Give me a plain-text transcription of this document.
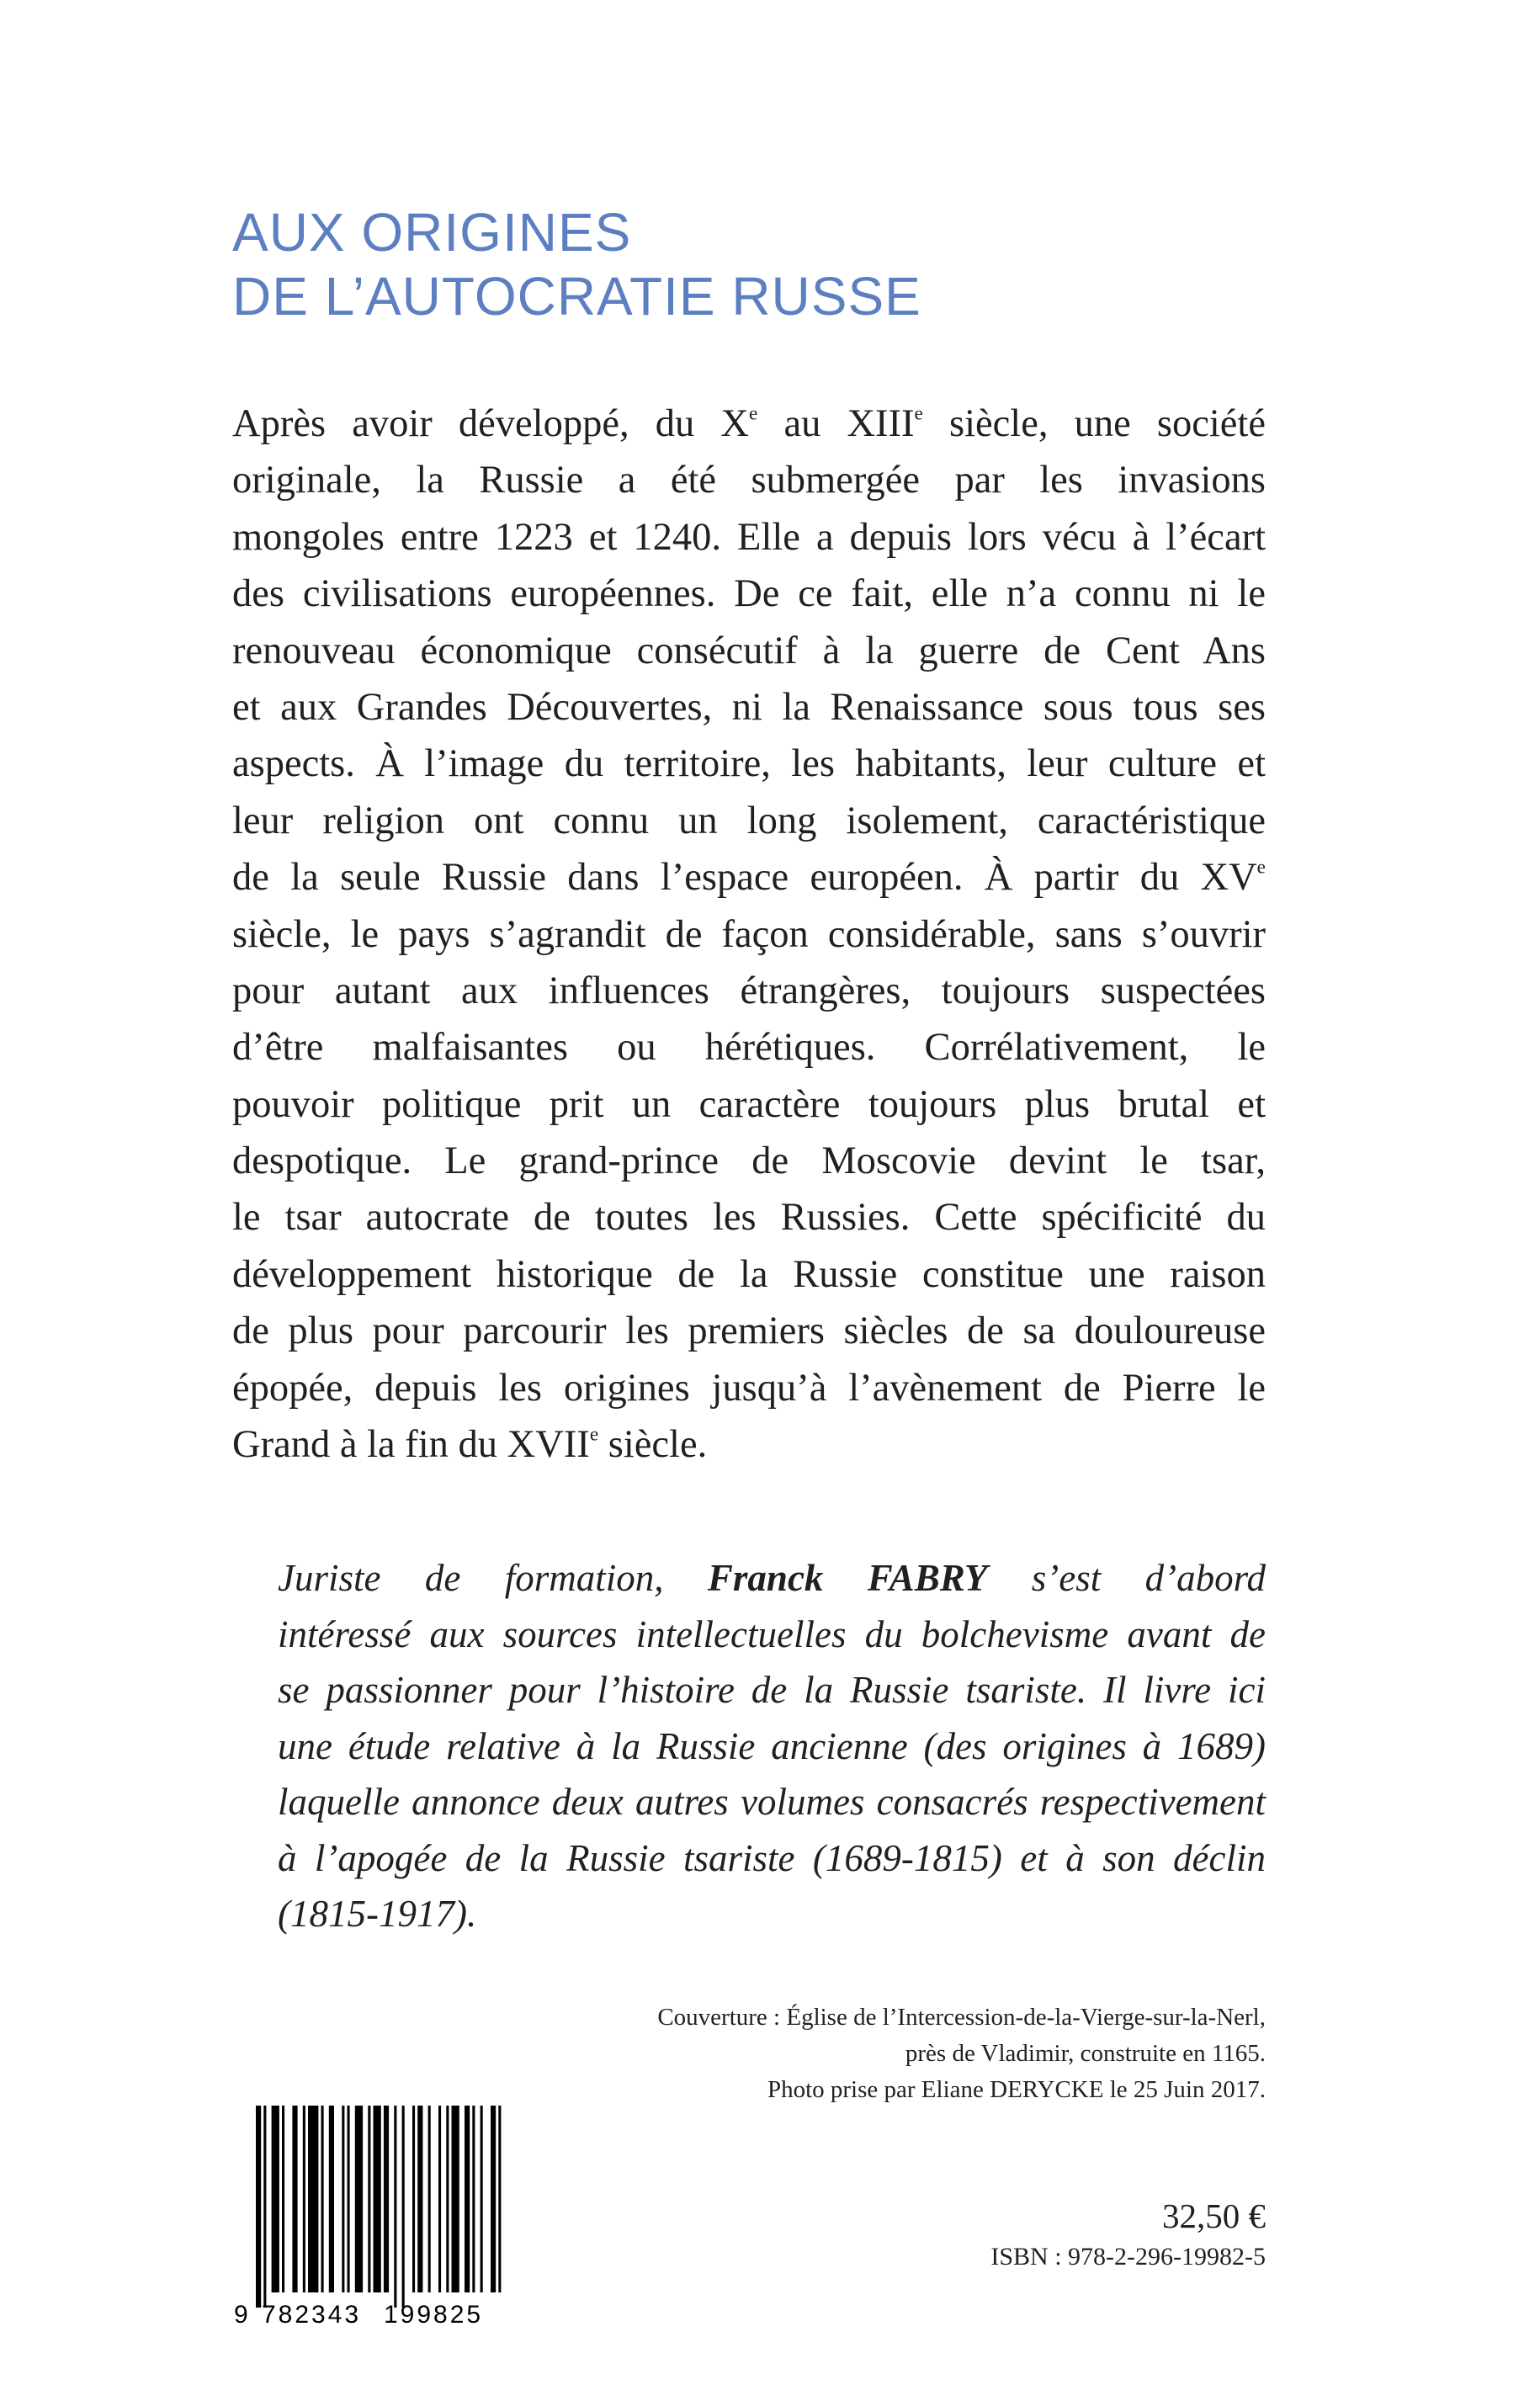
AUX ORIGINES
DE L’AUTOCRATIE RUSSE
Après avoir développé, du Xe au XIIIe siècle, une société
originale, la Russie a été submergée par les invasions
mongoles entre 1223 et 1240. Elle a depuis lors vécu à l’écart
des civilisations européennes. De ce fait, elle n’a connu ni le
renouveau économique consécutif à la guerre de Cent Ans
et aux Grandes Découvertes, ni la Renaissance sous tous ses
aspects. À l’image du territoire, les habitants, leur culture et
leur religion ont connu un long isolement, caractéristique
de la seule Russie dans l’espace européen. À partir du XVe
siècle, le pays s’agrandit de façon considérable, sans s’ouvrir
pour autant aux influences étrangères, toujours suspectées
d’être malfaisantes ou hérétiques. Corrélativement, le
pouvoir politique prit un caractère toujours plus brutal et
despotique. Le grand-prince de Moscovie devint le tsar,
le tsar autocrate de toutes les Russies. Cette spécificité du
développement historique de la Russie constitue une raison
de plus pour parcourir les premiers siècles de sa douloureuse
épopée, depuis les origines jusqu’à l’avènement de Pierre le
Grand à la fin du XVIIe siècle.
Juriste de formation, Franck FABRY s’est d’abord
intéressé aux sources intellectuelles du bolchevisme avant de
se passionner pour l’histoire de la Russie tsariste. Il livre ici
une étude relative à la Russie ancienne (des origines à 1689)
laquelle annonce deux autres volumes consacrés respectivement
à l’apogée de la Russie tsariste (1689-1815) et à son déclin
(1815-1917).
Couverture : Église de l’Intercession-de-la-Vierge-sur-la-Nerl,
près de Vladimir, construite en 1165.
Photo prise par Eliane DERYCKE le 25 Juin 2017.
9 782343 199825
32,50 €
ISBN : 978-2-296-19982-5
